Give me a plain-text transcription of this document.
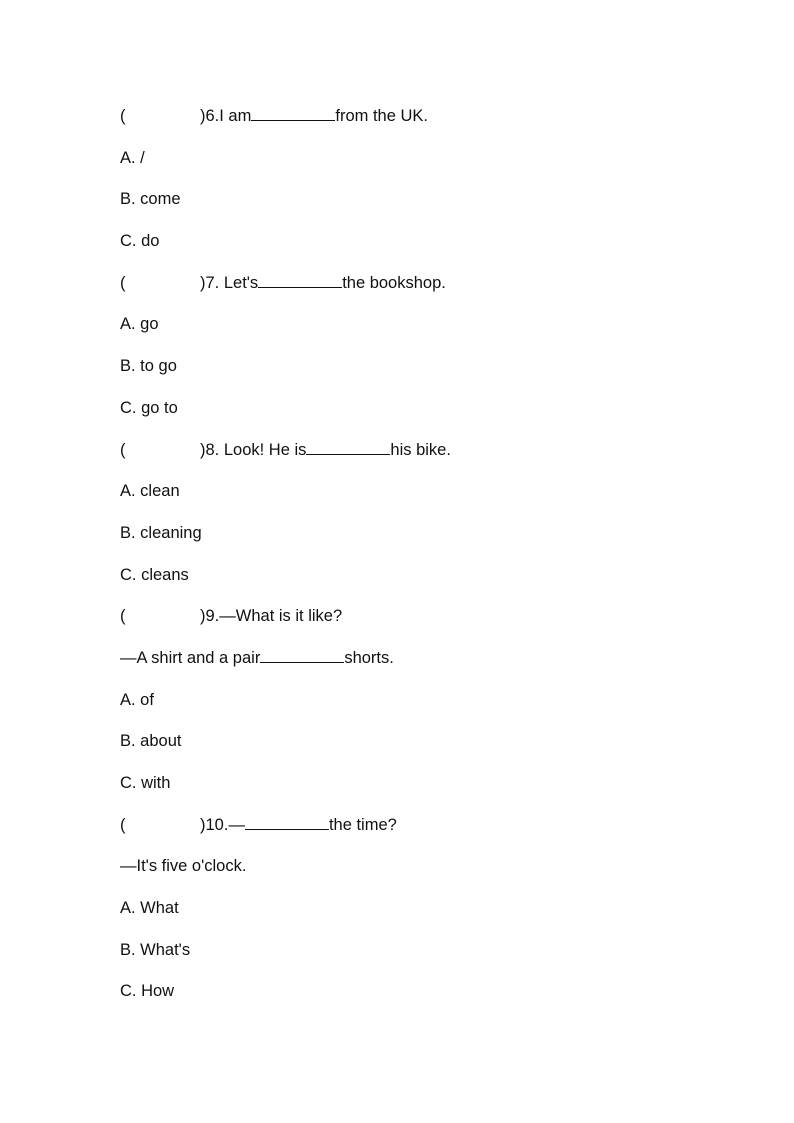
(	)6.I am	from the UK.
A. /
B. come
C. do
(	)7. Let's	the bookshop.
A. go
B. to go
C. go to
(	)8. Look! He is	his bike.
A. clean
B. cleaning
C. cleans
(	)9.—What is it like?
—A shirt and a pair	shorts.
A. of
B. about
C. with
(	)10.—	the time?
—It's five o'clock.
A. What
B. What's
C. How
